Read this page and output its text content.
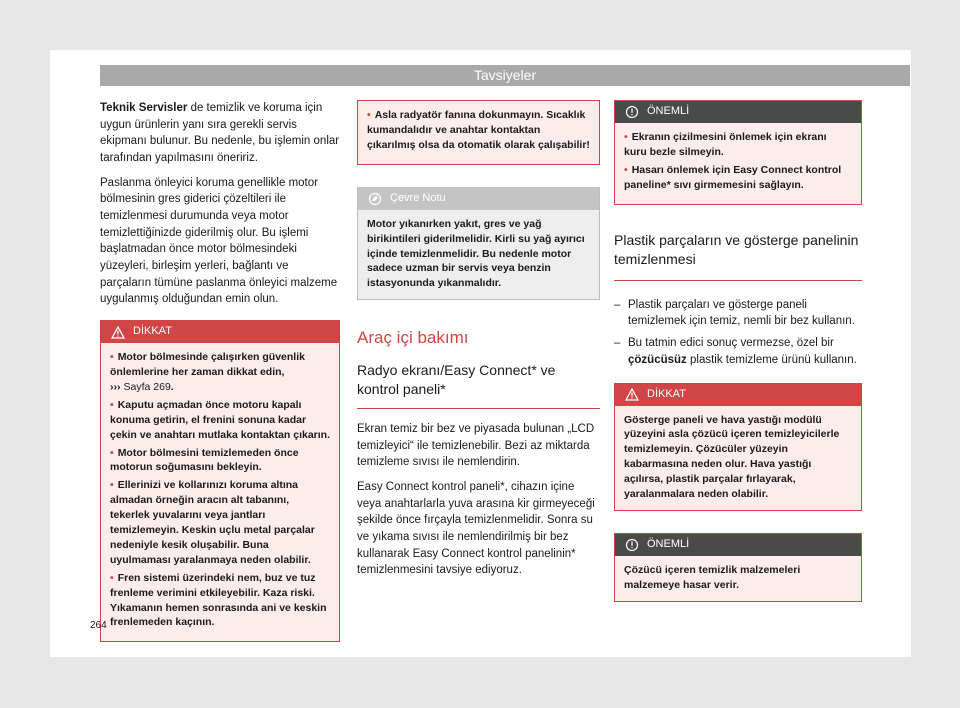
Tavsiyeler

Teknik Servisler de temizlik ve koruma için uygun ürünlerin yanı sıra gerekli servis ekipmanı bulunur. Bu nedenle, bu işlemin onlar tarafından yapılmasını öneririz.

Paslanma önleyici koruma genellikle motor bölmesinin gres giderici çözeltileri ile temizlenmesi durumunda veya motor temizlettiğinizde giderilmiş olur. Bu işlemi başlatmadan önce motor bölmesindeki yüzeyleri, birleşim yerleri, bağlantı ve parçaların tümüne paslanma önleyici malzeme uygulanmış olduğundan emin olun.

DİKKAT
• Motor bölmesinde çalışırken güvenlik önlemlerine her zaman dikkat edin,
››› Sayfa 269.
• Kaputu açmadan önce motoru kapalı konuma getirin, el frenini sonuna kadar çekin ve anahtarı mutlaka kontaktan çıkarın.
• Motor bölmesini temizlemeden önce motorun soğumasını bekleyin.
• Ellerinizi ve kollarınızı koruma altına almadan örneğin aracın alt tabanını, tekerlek yuvalarını veya jantları temizlemeyin. Keskin uçlu metal parçalar nedeniyle kesik oluşabilir. Buna uyulmaması yaralanmaya neden olabilir.
• Fren sistemi üzerindeki nem, buz ve tuz frenleme verimini etkileyebilir. Kaza riski. Yıkamanın hemen sonrasında ani ve keskin frenlemeden kaçının.
• Asla radyatör fanına dokunmayın. Sıcaklık kumandalıdır ve anahtar kontaktan çıkarılmış olsa da otomatik olarak çalışabilir!
Çevre Notu
Motor yıkanırken yakıt, gres ve yağ birikintileri giderilmelidir. Kirli su yağ ayırıcı içinde temizlenmelidir. Bu nedenle motor sadece uzman bir servis veya benzin istasyonunda yıkanmalıdır.
Araç içi bakımı
Radyo ekranı/Easy Connect* ve kontrol paneli*

Ekran temiz bir bez ve piyasada bulunan „LCD temizleyici“ ile temizlenebilir. Bezi az miktarda temizleme sıvısı ile nemlendirin.

Easy Connect kontrol paneli*, cihazın içine veya anahtarlarla yuva arasına kir girmeyeceği şekilde önce fırçayla temizlenmelidir. Sonra su ve yıkama sıvısı ile nemlendirilmiş bir bez kullanarak Easy Connect kontrol panelinin* temizlenmesini tavsiye ediyoruz.

ÖNEMLİ
• Ekranın çizilmesini önlemek için ekranı kuru bezle silmeyin.
• Hasarı önlemek için Easy Connect kontrol paneline* sıvı girmemesini sağlayın.
Plastik parçaların ve gösterge panelinin temizlenmesi
– Plastik parçaları ve gösterge paneli temizlemek için temiz, nemli bir bez kullanın.
– Bu tatmin edici sonuç vermezse, özel bir çözücüsüz plastik temizleme ürünü kullanın.
DİKKAT
Gösterge paneli ve hava yastığı modülü yüzeyini asla çözücü içeren temizleyicilerle temizlemeyin. Çözücüler yüzeyin kabarmasına neden olur. Hava yastığı açılırsa, plastik parçalar fırlayarak, yaralanmalara neden olabilir.
ÖNEMLİ
Çözücü içeren temizlik malzemeleri malzemeye hasar verir.
264
